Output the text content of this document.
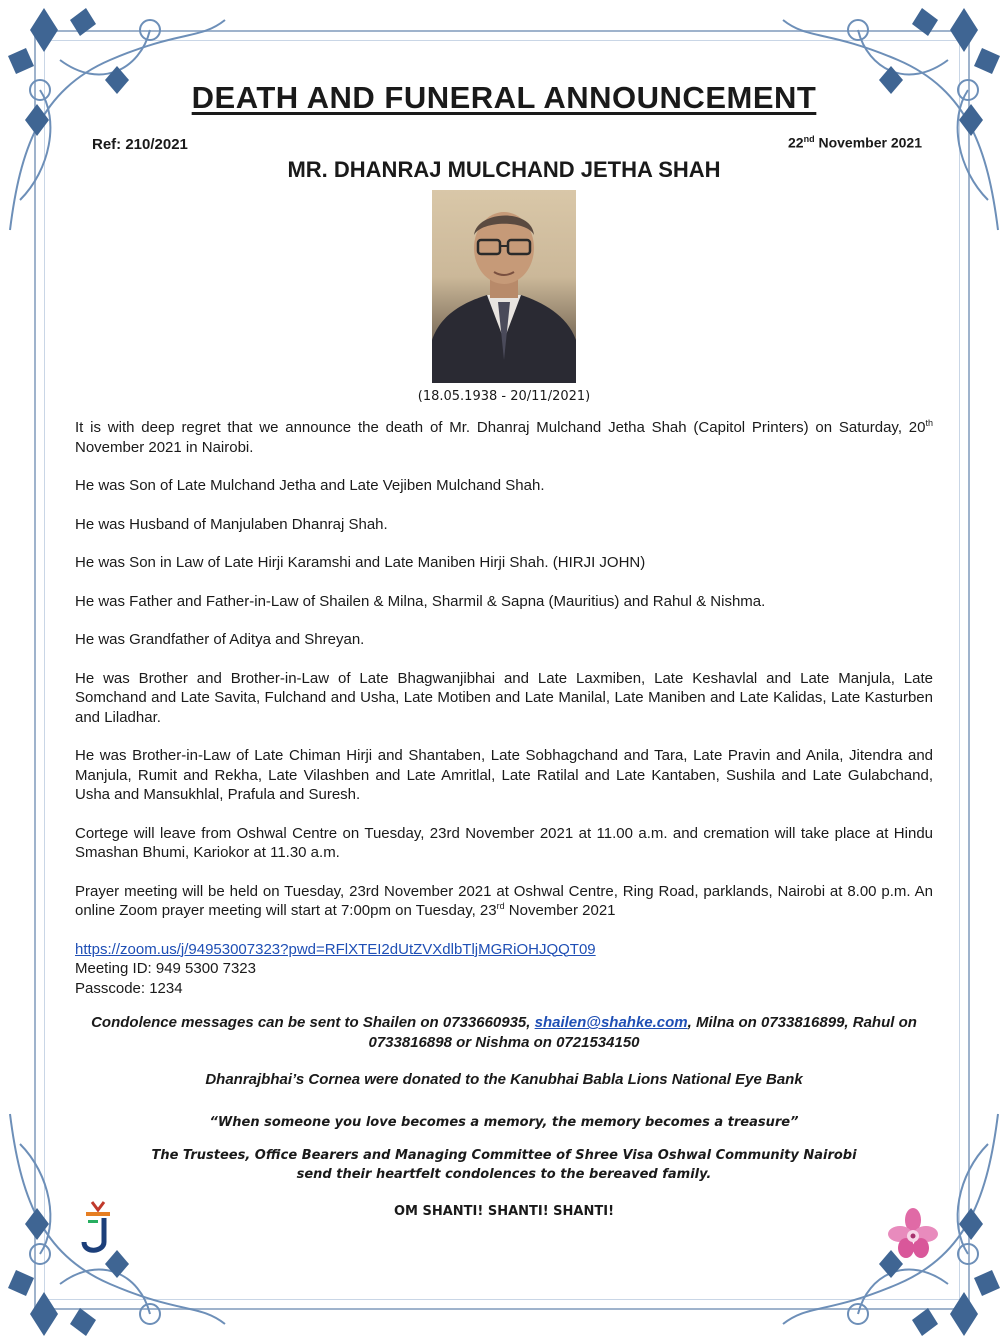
DEATH AND FUNERAL ANNOUNCEMENT
Ref: 210/2021	22nd November 2021
MR. DHANRAJ MULCHAND JETHA SHAH
(18.05.1938 - 20/11/2021)

It is with deep regret that we announce the death of Mr. Dhanraj Mulchand Jetha Shah (Capitol Printers) on Saturday, 20th November 2021 in Nairobi.

He was Son of Late Mulchand Jetha and Late Vejiben Mulchand Shah.

He was Husband of Manjulaben Dhanraj Shah.

He was Son in Law of Late Hirji Karamshi and Late Maniben Hirji Shah. (HIRJI JOHN)

He was Father and Father-in-Law of Shailen & Milna, Sharmil & Sapna (Mauritius) and Rahul & Nishma.

He was Grandfather of Aditya and Shreyan.

He was Brother and Brother-in-Law of Late Bhagwanjibhai and Late Laxmiben, Late Keshavlal and Late Manjula, Late Somchand and Late Savita, Fulchand and Usha, Late Motiben and Late Manilal, Late Maniben and Late Kalidas, Late Kasturben and Liladhar.

He was Brother-in-Law of Late Chiman Hirji and Shantaben, Late Sobhagchand and Tara, Late Pravin and Anila, Jitendra and Manjula, Rumit and Rekha, Late Vilashben and Late Amritlal, Late Ratilal and Late Kantaben, Sushila and Late Gulabchand, Usha and Mansukhlal, Prafula and Suresh.

Cortege will leave from Oshwal Centre on Tuesday, 23rd November 2021 at 11.00 a.m. and cremation will take place at Hindu Smashan Bhumi, Kariokor at 11.30 a.m.

Prayer meeting will be held on Tuesday, 23rd November 2021 at Oshwal Centre, Ring Road, parklands, Nairobi at 8.00 p.m. An online Zoom prayer meeting will start at 7:00pm on Tuesday, 23rd November 2021

https://zoom.us/j/94953007323?pwd=RFlXTEI2dUtZVXdlbTljMGRiOHJQQT09
Meeting ID: 949 5300 7323
Passcode: 1234
Condolence messages can be sent to Shailen on 0733660935, shailen@shahke.com, Milna on 0733816899, Rahul on 0733816898 or Nishma on 0721534150
Dhanrajbhai’s Cornea were donated to the Kanubhai Babla Lions National Eye Bank
“When someone you love becomes a memory, the memory becomes a treasure”
The Trustees, Office Bearers and Managing Committee of Shree Visa Oshwal Community Nairobi
send their heartfelt condolences to the bereaved family.
OM SHANTI! SHANTI! SHANTI!
